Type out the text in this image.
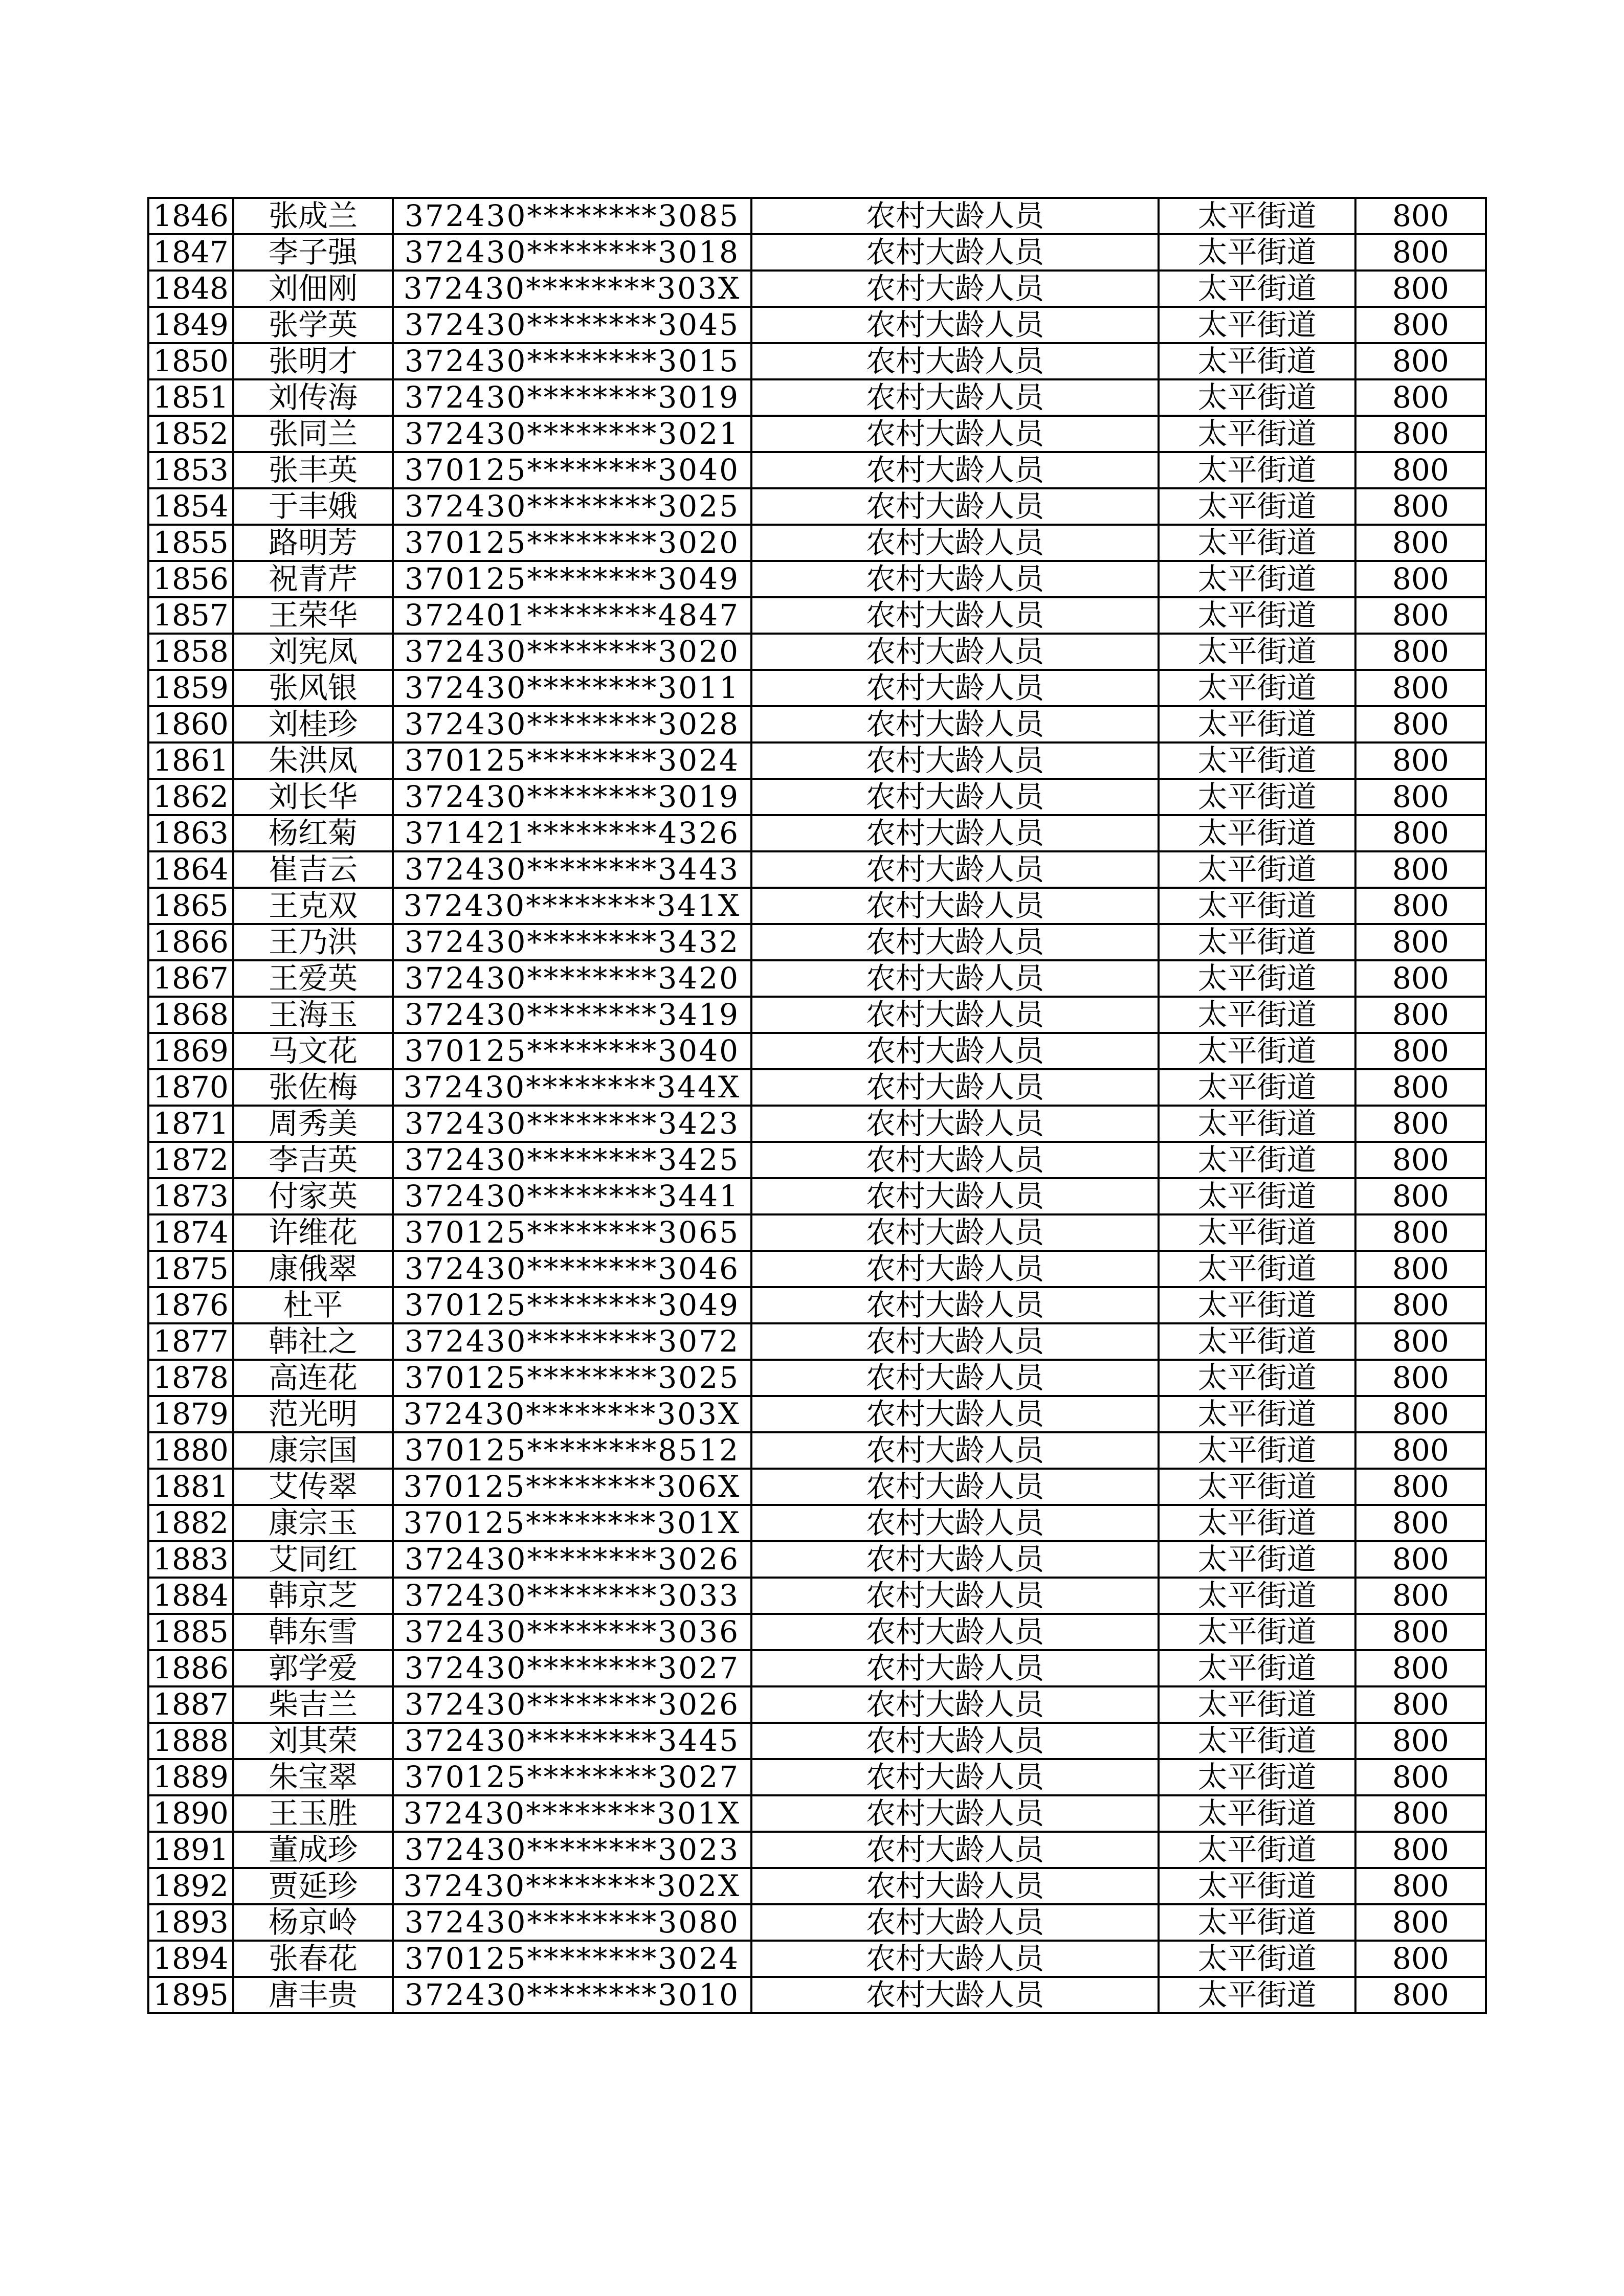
1846	张成兰	372430********3085	农村大龄人员	太平街道	800
1847	李子强	372430********3018	农村大龄人员	太平街道	800
1848	刘佃刚	372430********303X	农村大龄人员	太平街道	800
1849	张学英	372430********3045	农村大龄人员	太平街道	800
1850	张明才	372430********3015	农村大龄人员	太平街道	800
1851	刘传海	372430********3019	农村大龄人员	太平街道	800
1852	张同兰	372430********3021	农村大龄人员	太平街道	800
1853	张丰英	370125********3040	农村大龄人员	太平街道	800
1854	于丰娥	372430********3025	农村大龄人员	太平街道	800
1855	路明芳	370125********3020	农村大龄人员	太平街道	800
1856	祝青芹	370125********3049	农村大龄人员	太平街道	800
1857	王荣华	372401********4847	农村大龄人员	太平街道	800
1858	刘宪凤	372430********3020	农村大龄人员	太平街道	800
1859	张风银	372430********3011	农村大龄人员	太平街道	800
1860	刘桂珍	372430********3028	农村大龄人员	太平街道	800
1861	朱洪凤	370125********3024	农村大龄人员	太平街道	800
1862	刘长华	372430********3019	农村大龄人员	太平街道	800
1863	杨红菊	371421********4326	农村大龄人员	太平街道	800
1864	崔吉云	372430********3443	农村大龄人员	太平街道	800
1865	王克双	372430********341X	农村大龄人员	太平街道	800
1866	王乃洪	372430********3432	农村大龄人员	太平街道	800
1867	王爱英	372430********3420	农村大龄人员	太平街道	800
1868	王海玉	372430********3419	农村大龄人员	太平街道	800
1869	马文花	370125********3040	农村大龄人员	太平街道	800
1870	张佐梅	372430********344X	农村大龄人员	太平街道	800
1871	周秀美	372430********3423	农村大龄人员	太平街道	800
1872	李吉英	372430********3425	农村大龄人员	太平街道	800
1873	付家英	372430********3441	农村大龄人员	太平街道	800
1874	许维花	370125********3065	农村大龄人员	太平街道	800
1875	康俄翠	372430********3046	农村大龄人员	太平街道	800
1876	杜平	370125********3049	农村大龄人员	太平街道	800
1877	韩社之	372430********3072	农村大龄人员	太平街道	800
1878	高连花	370125********3025	农村大龄人员	太平街道	800
1879	范光明	372430********303X	农村大龄人员	太平街道	800
1880	康宗国	370125********8512	农村大龄人员	太平街道	800
1881	艾传翠	370125********306X	农村大龄人员	太平街道	800
1882	康宗玉	370125********301X	农村大龄人员	太平街道	800
1883	艾同红	372430********3026	农村大龄人员	太平街道	800
1884	韩京芝	372430********3033	农村大龄人员	太平街道	800
1885	韩东雪	372430********3036	农村大龄人员	太平街道	800
1886	郭学爱	372430********3027	农村大龄人员	太平街道	800
1887	柴吉兰	372430********3026	农村大龄人员	太平街道	800
1888	刘其荣	372430********3445	农村大龄人员	太平街道	800
1889	朱宝翠	370125********3027	农村大龄人员	太平街道	800
1890	王玉胜	372430********301X	农村大龄人员	太平街道	800
1891	董成珍	372430********3023	农村大龄人员	太平街道	800
1892	贾延珍	372430********302X	农村大龄人员	太平街道	800
1893	杨京岭	372430********3080	农村大龄人员	太平街道	800
1894	张春花	370125********3024	农村大龄人员	太平街道	800
1895	唐丰贵	372430********3010	农村大龄人员	太平街道	800
